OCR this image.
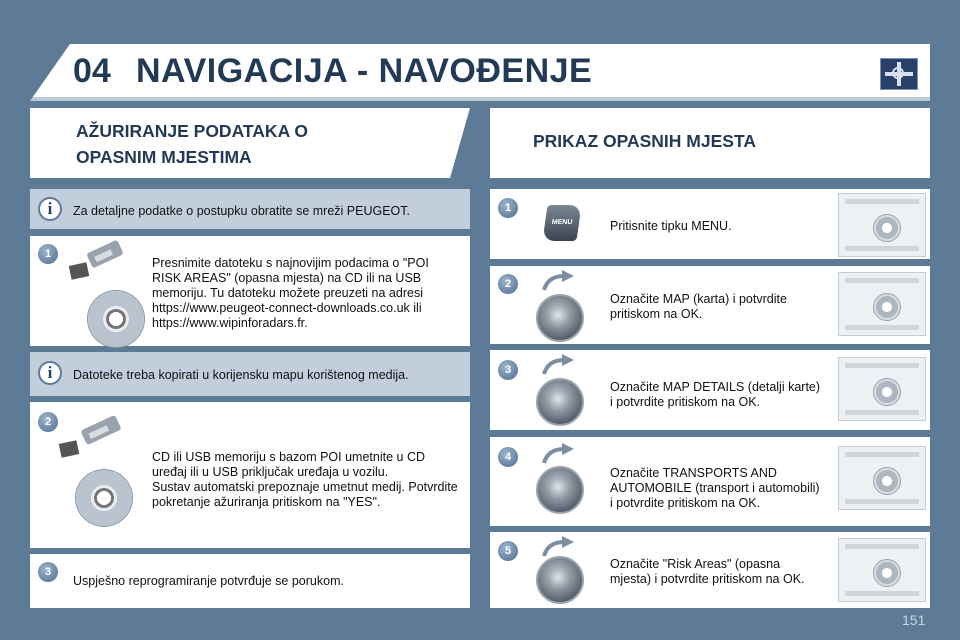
04 NAVIGACIJA - NAVOĐENJE
AŽURIRANJE PODATAKA O
OPASNIM MJESTIMA
PRIKAZ OPASNIH MJESTA
i	Za detaljne podatke o postupku obratite se mreži PEUGEOT.
1
Presnimite datoteku s najnovijim podacima o "POI
RISK AREAS" (opasna mjesta) na CD ili na USB
memoriju. Tu datoteku možete preuzeti na adresi
https://www.peugeot-connect-downloads.co.uk ili
https://www.wipinforadars.fr.
i	Datoteke treba kopirati u korijensku mapu korištenog medija.
2
CD ili USB memoriju s bazom POI umetnite u CD
uređaj ili u USB priključak uređaja u vozilu.
Sustav automatski prepoznaje umetnut medij. Potvrdite
pokretanje ažuriranja pritiskom na "YES".
3
Uspješno reprogramiranje potvrđuje se porukom.
1
MENU	Pritisnite tipku MENU.
2
Označite MAP (karta) i potvrdite
pritiskom na OK.
3
Označite MAP DETAILS (detalji karte)
i potvrdite pritiskom na OK.
4
Označite TRANSPORTS AND
AUTOMOBILE (transport i automobili)
i potvrdite pritiskom na OK.
5
Označite "Risk Areas" (opasna
mjesta) i potvrdite pritiskom na OK.
151
